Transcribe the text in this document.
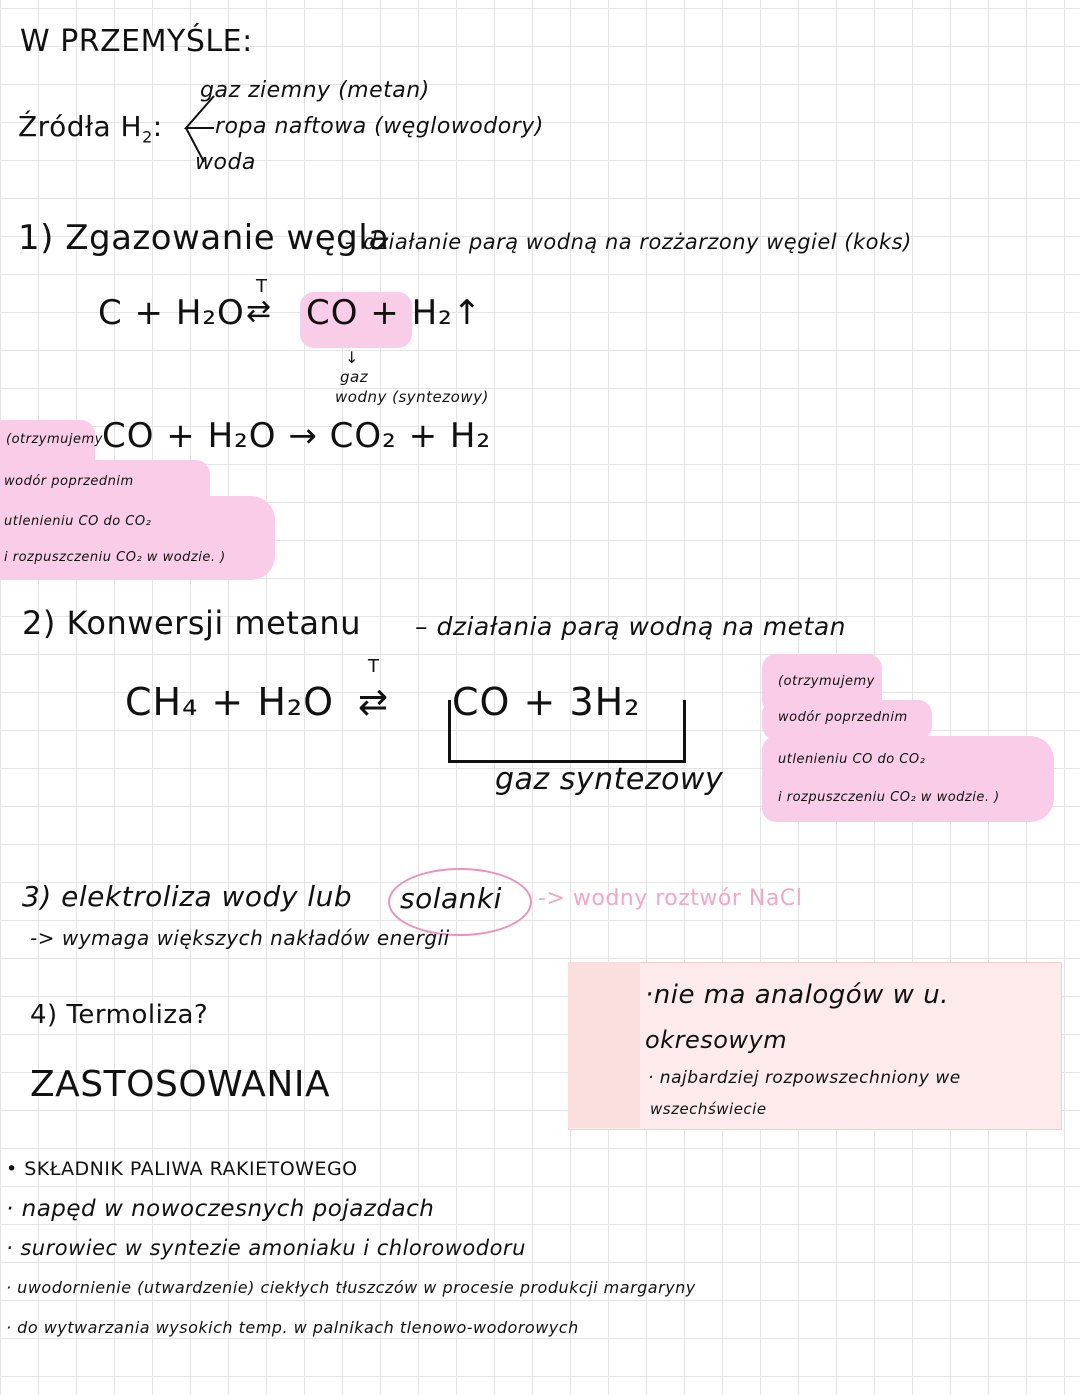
W PRZEMYŚLE:
Źródła $H_2$:
gaz ziemny (metan)
ropa naftowa (węglowodory)
woda
1) Zgazowanie węgla
– działanie parą wodną na rozżarzony węgiel (koks)
C + H₂O
T
⇄ CO + H₂↑
↓
gaz
wodny (syntezowy)
(otrzymujemy
wodór poprzednim
utlenieniu CO do CO₂
i rozpuszczeniu CO₂ w wodzie. )
CO + H₂O → CO₂ + H₂
2) Konwersji metanu – działania parą wodną na metan
CH₄ + H₂O
T
⇄ CO + 3H₂
gaz syntezowy
(otrzymujemy
wodór poprzednim
utlenieniu CO do CO₂
i rozpuszczeniu CO₂ w wodzie. )
3) elektroliza wody lub solanki -> wodny roztwór NaCl
-> wymaga większych nakładów energii
4) Termoliza?
·nie ma analogów w u.
okresowym
· najbardziej rozpowszechniony we
wszechświecie
ZASTOSOWANIA
• SKŁADNIK PALIWA RAKIETOWEGO
· napęd w nowoczesnych pojazdach
· surowiec w syntezie amoniaku i chlorowodoru
· uwodornienie (utwardzenie) ciekłych tłuszczów w procesie produkcji margaryny
· do wytwarzania wysokich temp. w palnikach tlenowo-wodorowych
